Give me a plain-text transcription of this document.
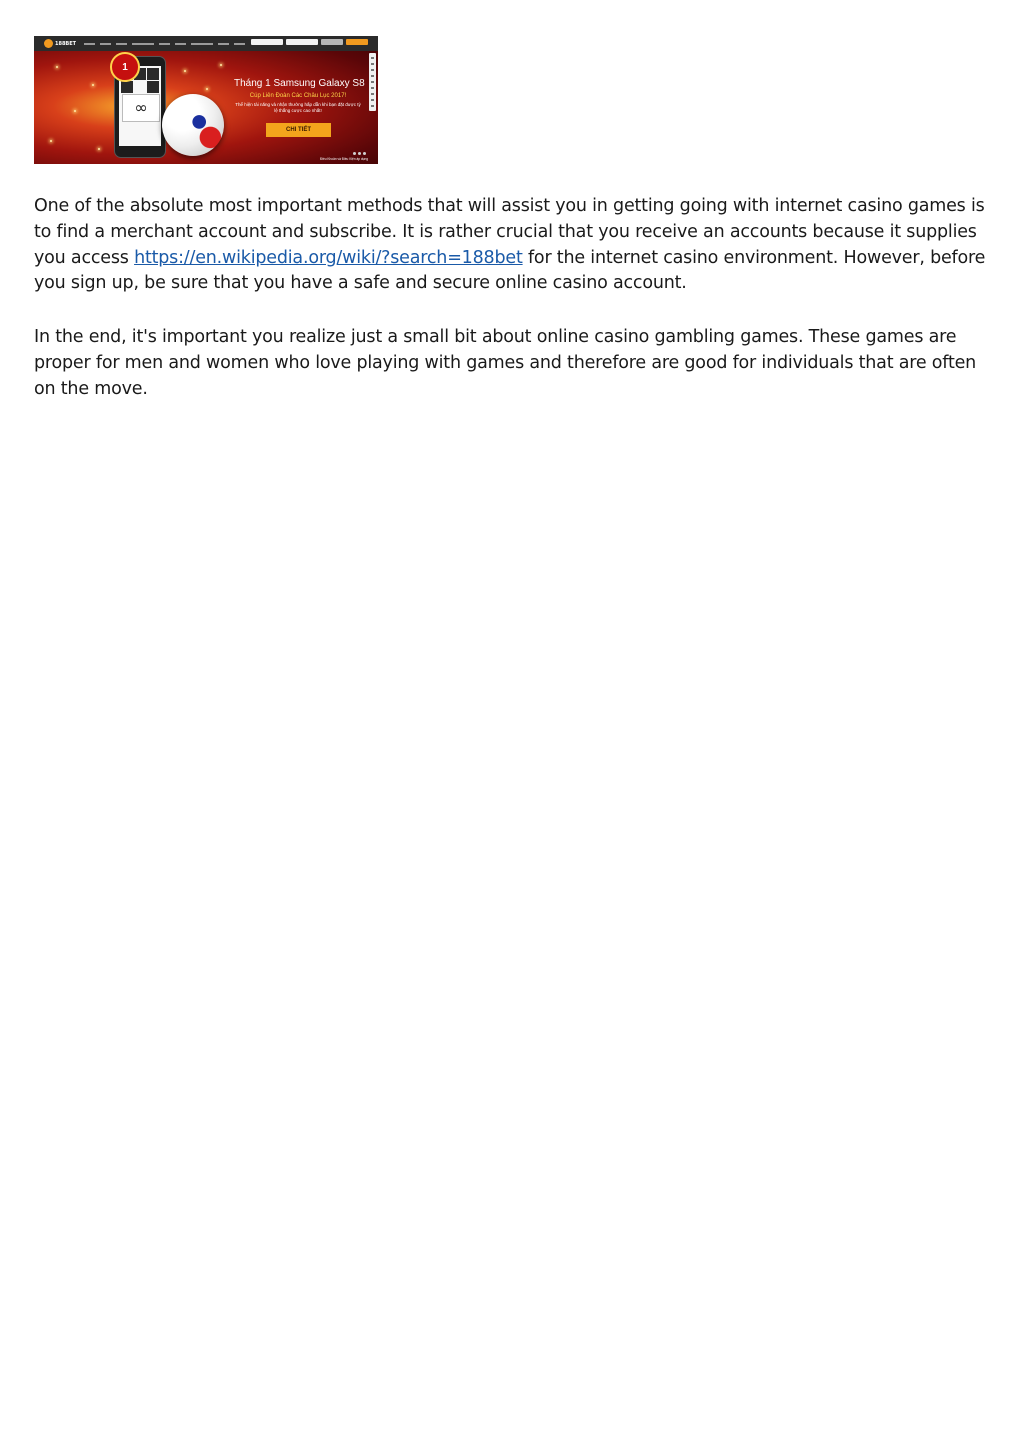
188BET
∞
1
Tháng 1 Samsung Galaxy S8
Cúp Liên Đoàn Các Châu Lục 2017!
Thể hiện tài năng và nhận thưởng hấp dẫn khi bạn đặt được tỷ lệ thắng cược cao nhất!
CHI TIẾT
Điều Khoản và Điều Kiện áp dụng

One of the absolute most important methods that will assist you in getting going with internet casino games is to find a merchant account and subscribe. It is rather crucial that you receive an accounts because it supplies you access https://en.wikipedia.org/wiki/?search=188bet for the internet casino environment. However, before you sign up, be sure that you have a safe and secure online casino account.

In the end, it's important you realize just a small bit about online casino gambling games. These games are proper for men and women who love playing with games and therefore are good for individuals that are often on the move.
